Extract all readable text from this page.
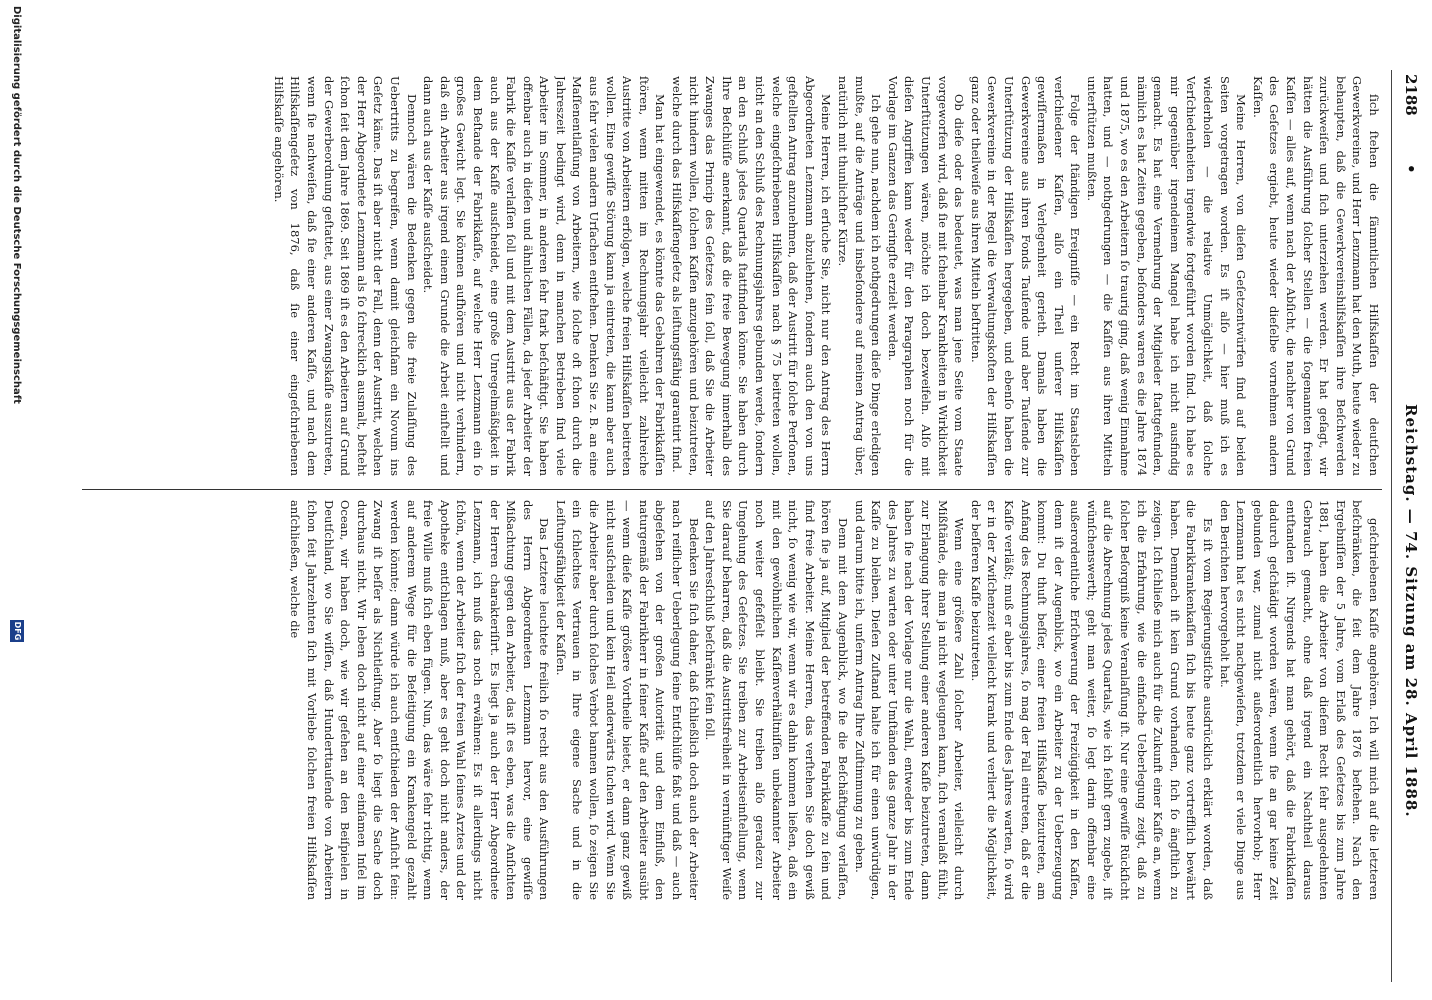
2188
•
Reichstag. — 74. Sitzung am 28. April 1888.

ſich ſtehen die ſämmtlichen Hilfskaſſen der deutſchen Gewerkvereine, und Herr Lenzmann hat den Muth, heute wieder zu behaupten, daß die Gewerkvereinshilfskaſſen ihre Beſchwerden zurückweiſen und ſich unterziehen werden. Er hat geſagt, wir hätten die Ausführung ſolcher Stellen — die ſogenannten freien Kaſſen — alles auf, wenn nach der Abſicht, die nachher von Grund des Geſetzes ergiebt, heute wieder dieſelbe vornehmen andern Kaſſen.

Meine Herren, von dieſen Geſetzentwürfen ſind auf beiden Seiten vorgetragen worden. Es iſt alſo — hier muß ich es wiederholen — die relative Unmöglichkeit, daß ſolche Verſchiedenheiten irgendwie fortgeführt worden ſind. Ich habe es mir gegenüber irgendeinem Mangel habe ich nicht ausfindig gemacht. Es hat eine Vermehrung der Mitglieder ſtattgefunden, nämlich es hat Zeiten gegeben, beſonders waren es die Jahre 1874 und 1875, wo es den Arbeitern ſo traurig ging, daß wenig Einnahme hatten, und — nothgedrungen — die Kaſſen aus ihren Mitteln unterſtützen mußten.

Folge der ſtändigen Ereigniſſe — ein Recht im Staatsleben verſchiedener Kaſſen, alſo ein Theil unſerer Hilfskaſſen gewiſſermaßen in Verlegenheit gerieth. Damals haben die Gewerkvereine aus ihren Fonds Tauſende und aber Tauſende zur Unterſtützung der Hilfskaſſen hergegeben, und ebenſo haben die Gewerkvereine in der Regel die Verwaltungskoſten der Hilfskaſſen ganz oder theilweiſe aus ihren Mitteln beſtritten.

Ob dieſe oder das bedeutet, was man jene Seite vom Staate vorgeworfen wird, daß ſie mit ſcheinbar Krankheiten in Wirklichkeit Unterſtützungen wären, möchte ich doch bezweifeln. Alſo mit dieſen Angriffen kann weder für den Paragraphen noch für die Vorlage im Ganzen das Geringſte erzielt werden.

Ich gehe nun, nachdem ich nothgedrungen dieſe Dinge erledigen mußte, auf die Anträge und insbeſondere auf meinen Antrag über, natürlich mit thunlichſter Kürze.

Meine Herren, ich erſuche Sie, nicht nur den Antrag des Herrn Abgeordneten Lenzmann abzulehnen, ſondern auch den von uns geſtellten Antrag anzunehmen, daß der Austritt für ſolche Perſonen, welche eingeſchriebenen Hilfskaſſen nach § 75 beitreten wollen, nicht an den Schluß des Rechnungsjahres gebunden werde, ſondern an den Schluß jedes Quartals ſtattfinden könne. Sie haben durch Ihre Beſchlüſſe anerkannt, daß die freie Bewegung innerhalb des Zwanges das Princip des Geſetzes ſein ſoll, daß Sie die Arbeiter nicht hindern wollen, ſolchen Kaſſen anzugehören und beizutreten, welche durch das Hilfskaſſengeſetz als leiſtungsfähig garantirt ſind.

Man hat eingewendet, es könnte das Gebahren der Fabrikkaſſen ſtören, wenn mitten im Rechnungsjahr vielleicht zahlreiche Austritte von Arbeitern erfolgen, welche freien Hilfskaſſen beitreten wollen. Eine gewiſſe Störung kann ja eintreten, die kann aber auch aus ſehr vielen andern Urſachen entſtehen. Denken Sie z. B. an eine Maſſenentlaſſung von Arbeitern, wie ſolche oft ſchon durch die Jahreszeit bedingt wird, denn in manchen Betrieben ſind viele Arbeiter im Sommer, in anderen ſehr ſtark beſchäftigt. Sie haben offenbar auch in dieſen und ähnlichen Fällen, da jeder Arbeiter der Fabrik die Kaſſe verlaſſen ſoll und mit dem Austritt aus der Fabrik auch aus der Kaſſe ausſcheidet, eine große Unregelmäßigkeit in dem Beſtande der Fabrikkaſſe, auf welche Herr Lenzmann ein ſo großes Gewicht legt. Sie können aufhören und nicht verhindern, daß ein Arbeiter aus irgend einem Grunde die Arbeit einſtellt und dann auch aus der Kaſſe ausſcheidet.

Dennoch wären die Bedenken gegen die freie Zulaſſung des Uebertritts zu begreifen, wenn damit gleichſam ein Novum ins Geſetz käme. Das iſt aber nicht der Fall, denn der Austritt, welchen der Herr Abgeordnete Lenzmann als ſo ſchrecklich ausmalt, beſteht ſchon ſeit dem Jahre 1869. Seit 1869 iſt es den Arbeitern auf Grund der Gewerbeordnung geſtattet, aus einer Zwangskaſſe auszutreten, wenn ſie nachweiſen, daß ſie einer anderen Kaſſe, und nach dem Hilfskaſſengeſetz von 1876, daß ſie einer eingeſchriebenen Hilfskaſſe angehören.

geſchriebenen Kaſſe angehören. Ich will mich auf die letzteren beſchränken, die ſeit dem Jahre 1876 beſtehen. Nach den Ergebniſſen der 5 Jahre, vom Erlaß des Geſetzes bis zum Jahre 1881, haben die Arbeiter von dieſem Recht ſehr ausgedehnten Gebrauch gemacht, ohne daß irgend ein Nachtheil daraus entſtanden iſt. Nirgends hat man gehört, daß die Fabrikkaſſen dadurch geſchädigt worden wären, wenn ſie an gar keine Zeit gebunden war, zumal nicht außerordentlich hervorhob; Herr Lenzmann hat es nicht nachgewieſen, trotzdem er viele Dinge aus den Berichten hervorgeholt hat.

Es iſt vom Regierungstiſche ausdrücklich erklärt worden, daß die Fabrikkrankenkaſſen ſich bis heute ganz vortrefflich bewährt haben. Demnach iſt kein Grund vorhanden, ſich ſo ängſtlich zu zeigen. Ich ſchließe mich auch für die Zukunft einer Kaſſe an, wenn ich die Erfahrung, wie die einfache Ueberlegung zeigt, daß zu ſolcher Beſorgniß keine Veranlaſſung iſt. Nur eine gewiſſe Rückſicht auf die Abrechnung jedes Quartals, wie ich ſelbſt gern zugebe, iſt wünſchenswerth; geht man weiter, ſo legt darin offenbar eine außerordentliche Erſchwerung der Freizügigkeit in den Kaſſen, denn iſt der Augenblick, wo ein Arbeiter zu der Ueberzeugung kommt: Du thuſt beſſer, einer freien Hilfskaſſe beizutreten, am Anfang des Rechnungsjahres, ſo mag der Fall eintreten, daß er die Kaſſe verläßt; muß er aber bis zum Ende des Jahres warten, ſo wird er in der Zwiſchenzeit vielleicht krank und verliert die Möglichkeit, der beſſeren Kaſſe beizutreten.

Wenn eine größere Zahl ſolcher Arbeiter, vielleicht durch Mißſtände, die man ja nicht wegleugnen kann, ſich veranlaßt fühlt, zur Erlangung ihrer Stellung einer anderen Kaſſe beizutreten, dann haben ſie nach der Vorlage nur die Wahl, entweder bis zum Ende des Jahres zu warten oder unter Umſtänden das ganze Jahr in der Kaſſe zu bleiben. Dieſen Zuſtand halte ich für einen unwürdigen, und darum bitte ich, unſerm Antrag Ihre Zuſtimmung zu geben.

Denn mit dem Augenblick, wo ſie die Beſchäftigung verlaſſen, hören ſie ja auf, Mitglied der betreffenden Fabrikkaſſe zu ſein und ſind freie Arbeiter. Meine Herren, das verſtehen Sie doch gewiß nicht, ſo wenig wie wir, wenn wir es dahin kommen ließen, daß ein mit den gewöhnlichen Kaſſenverhältniſſen unbekannter Arbeiter noch weiter gefeſſelt bleibt. Sie treiben alſo geradezu zur Umgehung des Geſetzes. Sie treiben zur Arbeitseinſtellung, wenn Sie darauf beharren, daß die Austrittsfreiheit in vernünftiger Weiſe auf den Jahresſchluß beſchränkt ſein ſoll.

Bedenken Sie ſich daher, daß ſchließlich doch auch der Arbeiter nach reiflicher Ueberlegung ſeine Entſchlüſſe faßt und daß — auch abgeſehen von der großen Autorität und dem Einfluß, den naturgemäß der Fabrikherr in ſeiner Kaſſe auf den Arbeiter ausübt — wenn dieſe Kaſſe größere Vortheile bietet, er dann ganz gewiß nicht ausſcheiden und kein Heil anderwärts ſuchen wird. Wenn Sie die Arbeiter aber durch ſolches Verbot bannen wollen, ſo zeigen Sie ein ſchlechtes Vertrauen in Ihre eigene Sache und in die Leiſtungsfähigkeit der Kaſſen.

Das Letztere leuchtete freilich ſo recht aus den Ausführungen des Herrn Abgeordneten Lenzmann hervor, eine gewiſſe Mißachtung gegen den Arbeiter, das iſt es eben, was die Anſichten der Herren charakteriſirt. Es liegt ja auch der Herr Abgeordnete Lenzmann, ich muß das noch erwähnen: Es iſt allerdings nicht ſchön, wenn der Arbeiter ſich der freien Wahl ſeines Arztes und der Apotheke entſchlagen muß, aber es geht doch nicht anders, der freie Wille muß ſich eben fügen. Nun, das wäre ſehr richtig, wenn auf anderem Wege für die Beſeitigung ein Krankengeld gezahlt werden könnte; dann würde ich auch entſchieden der Anſicht ſein: Zwang iſt beſſer als Nichtleiſtung. Aber ſo liegt die Sache doch durchaus nicht. Wir leben doch nicht auf einer einſamen Inſel im Ocean, wir haben doch, wie wir geſehen an den Beiſpielen in Deutſchland, wo Sie wiſſen, daß Hunderttauſende von Arbeitern ſchon ſeit Jahrzehnten ſich mit Vorliebe ſolchen freien Hilfskaſſen anſchließen, welche die

Digitalisierung gefördert durch die Deutsche Forschungsgemeinschaft
DFG
